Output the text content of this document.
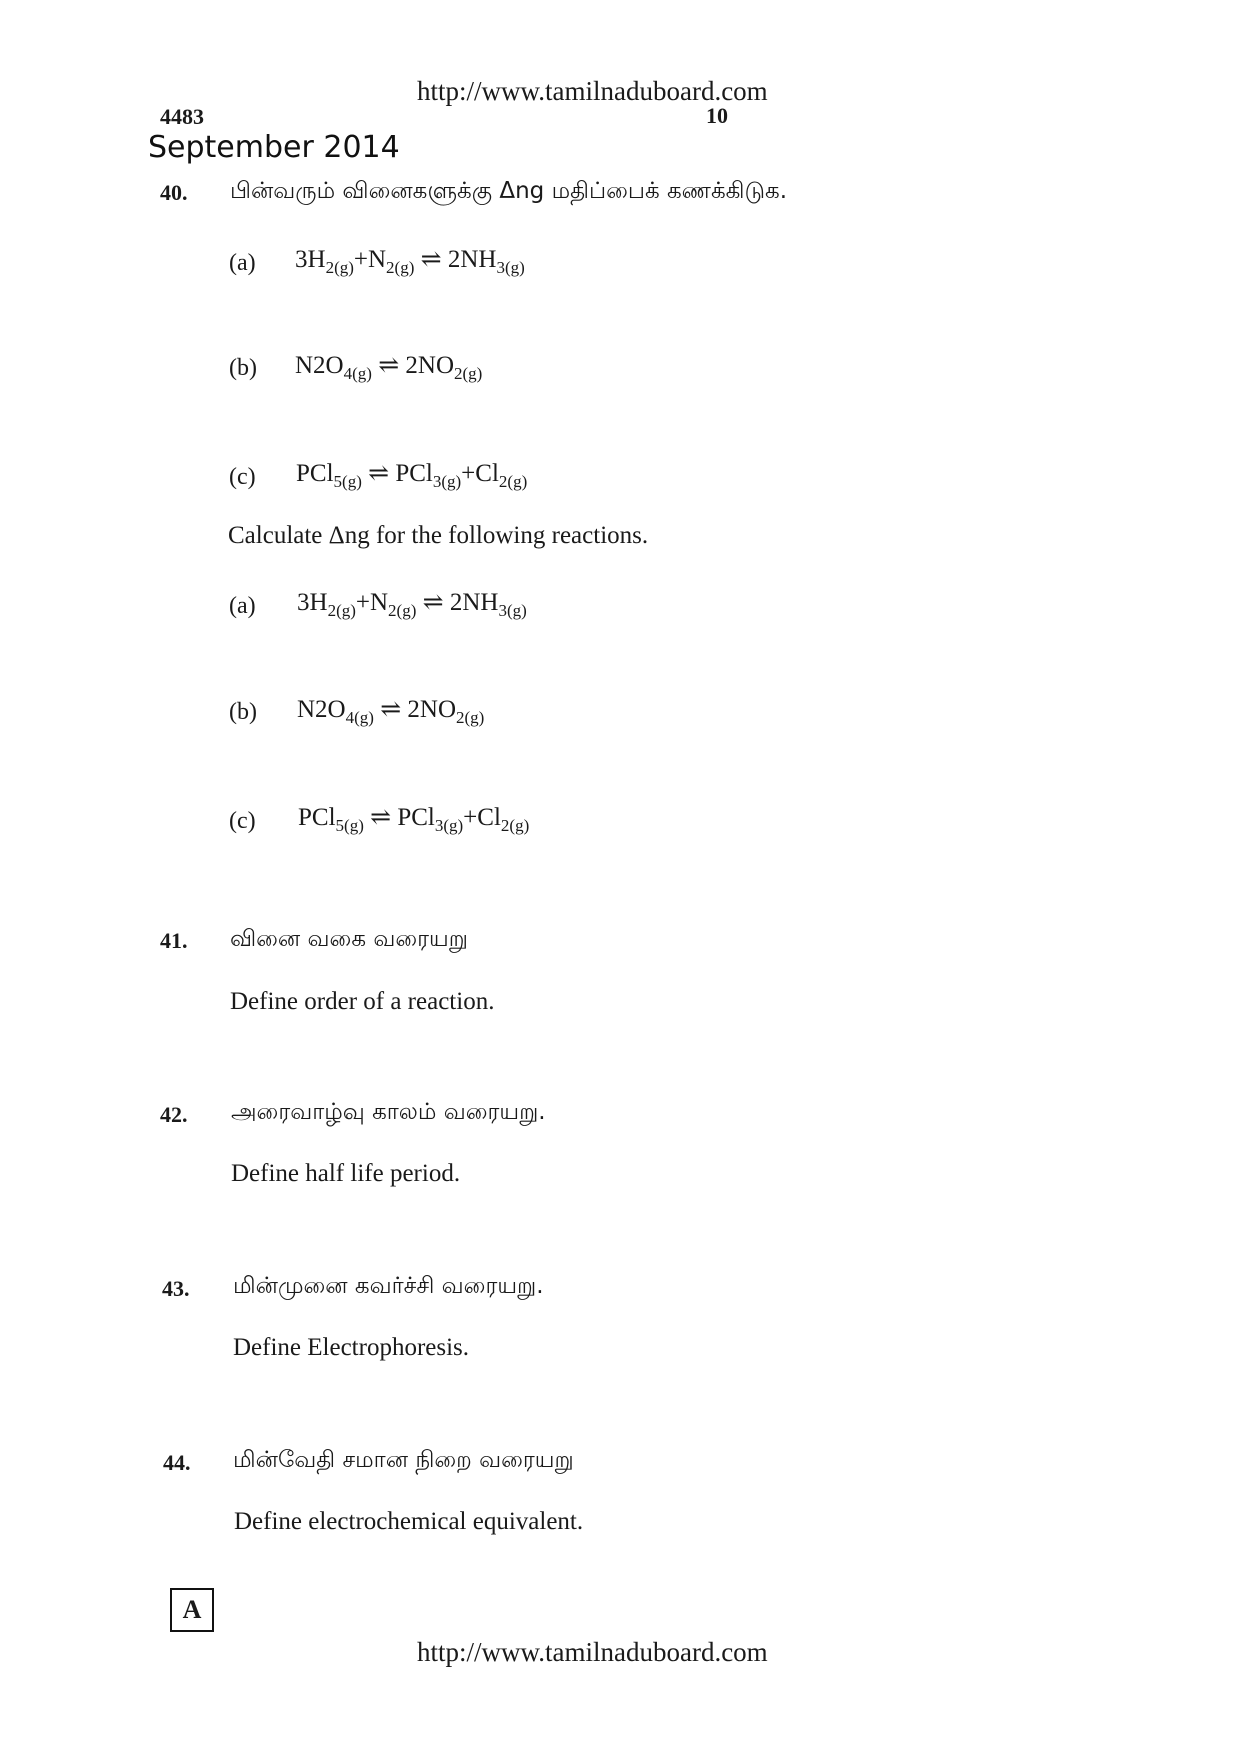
http://www.tamilnaduboard.com
4483	10
September 2014
40. பின்வரும் வினைகளுக்கு Δng மதிப்பைக் கணக்கிடுக.
(a) $3H_{2(g)}+N_{2(g)}$ ⇌ $2NH_{3(g)}$
(b) $N2O_{4(g)}$ ⇌ $2NO_{2(g)}$
(c) PCl$_{5(g)}$ ⇌ $PCl_{3(g)}+Cl_{2(g)}$
Calculate Δng for the following reactions.
(a) $3H_{2(g)}+N_{2(g)}$ ⇌ $2NH_{3(g)}$
(b) $N2O_{4(g)}$ ⇌ $2NO_{2(g)}$
(c) PCl$_{5(g)}$ ⇌ $PCl_{3(g)}+Cl_{2(g)}$
41. வினை வகை வரையறு
Define order of a reaction.
42. அரைவாழ்வு காலம் வரையறு.
Define half life period.
43. மின்முனை கவர்ச்சி வரையறு.
Define Electrophoresis.
44. மின்வேதி சமான நிறை வரையறு
Define electrochemical equivalent.
A
http://www.tamilnaduboard.com
